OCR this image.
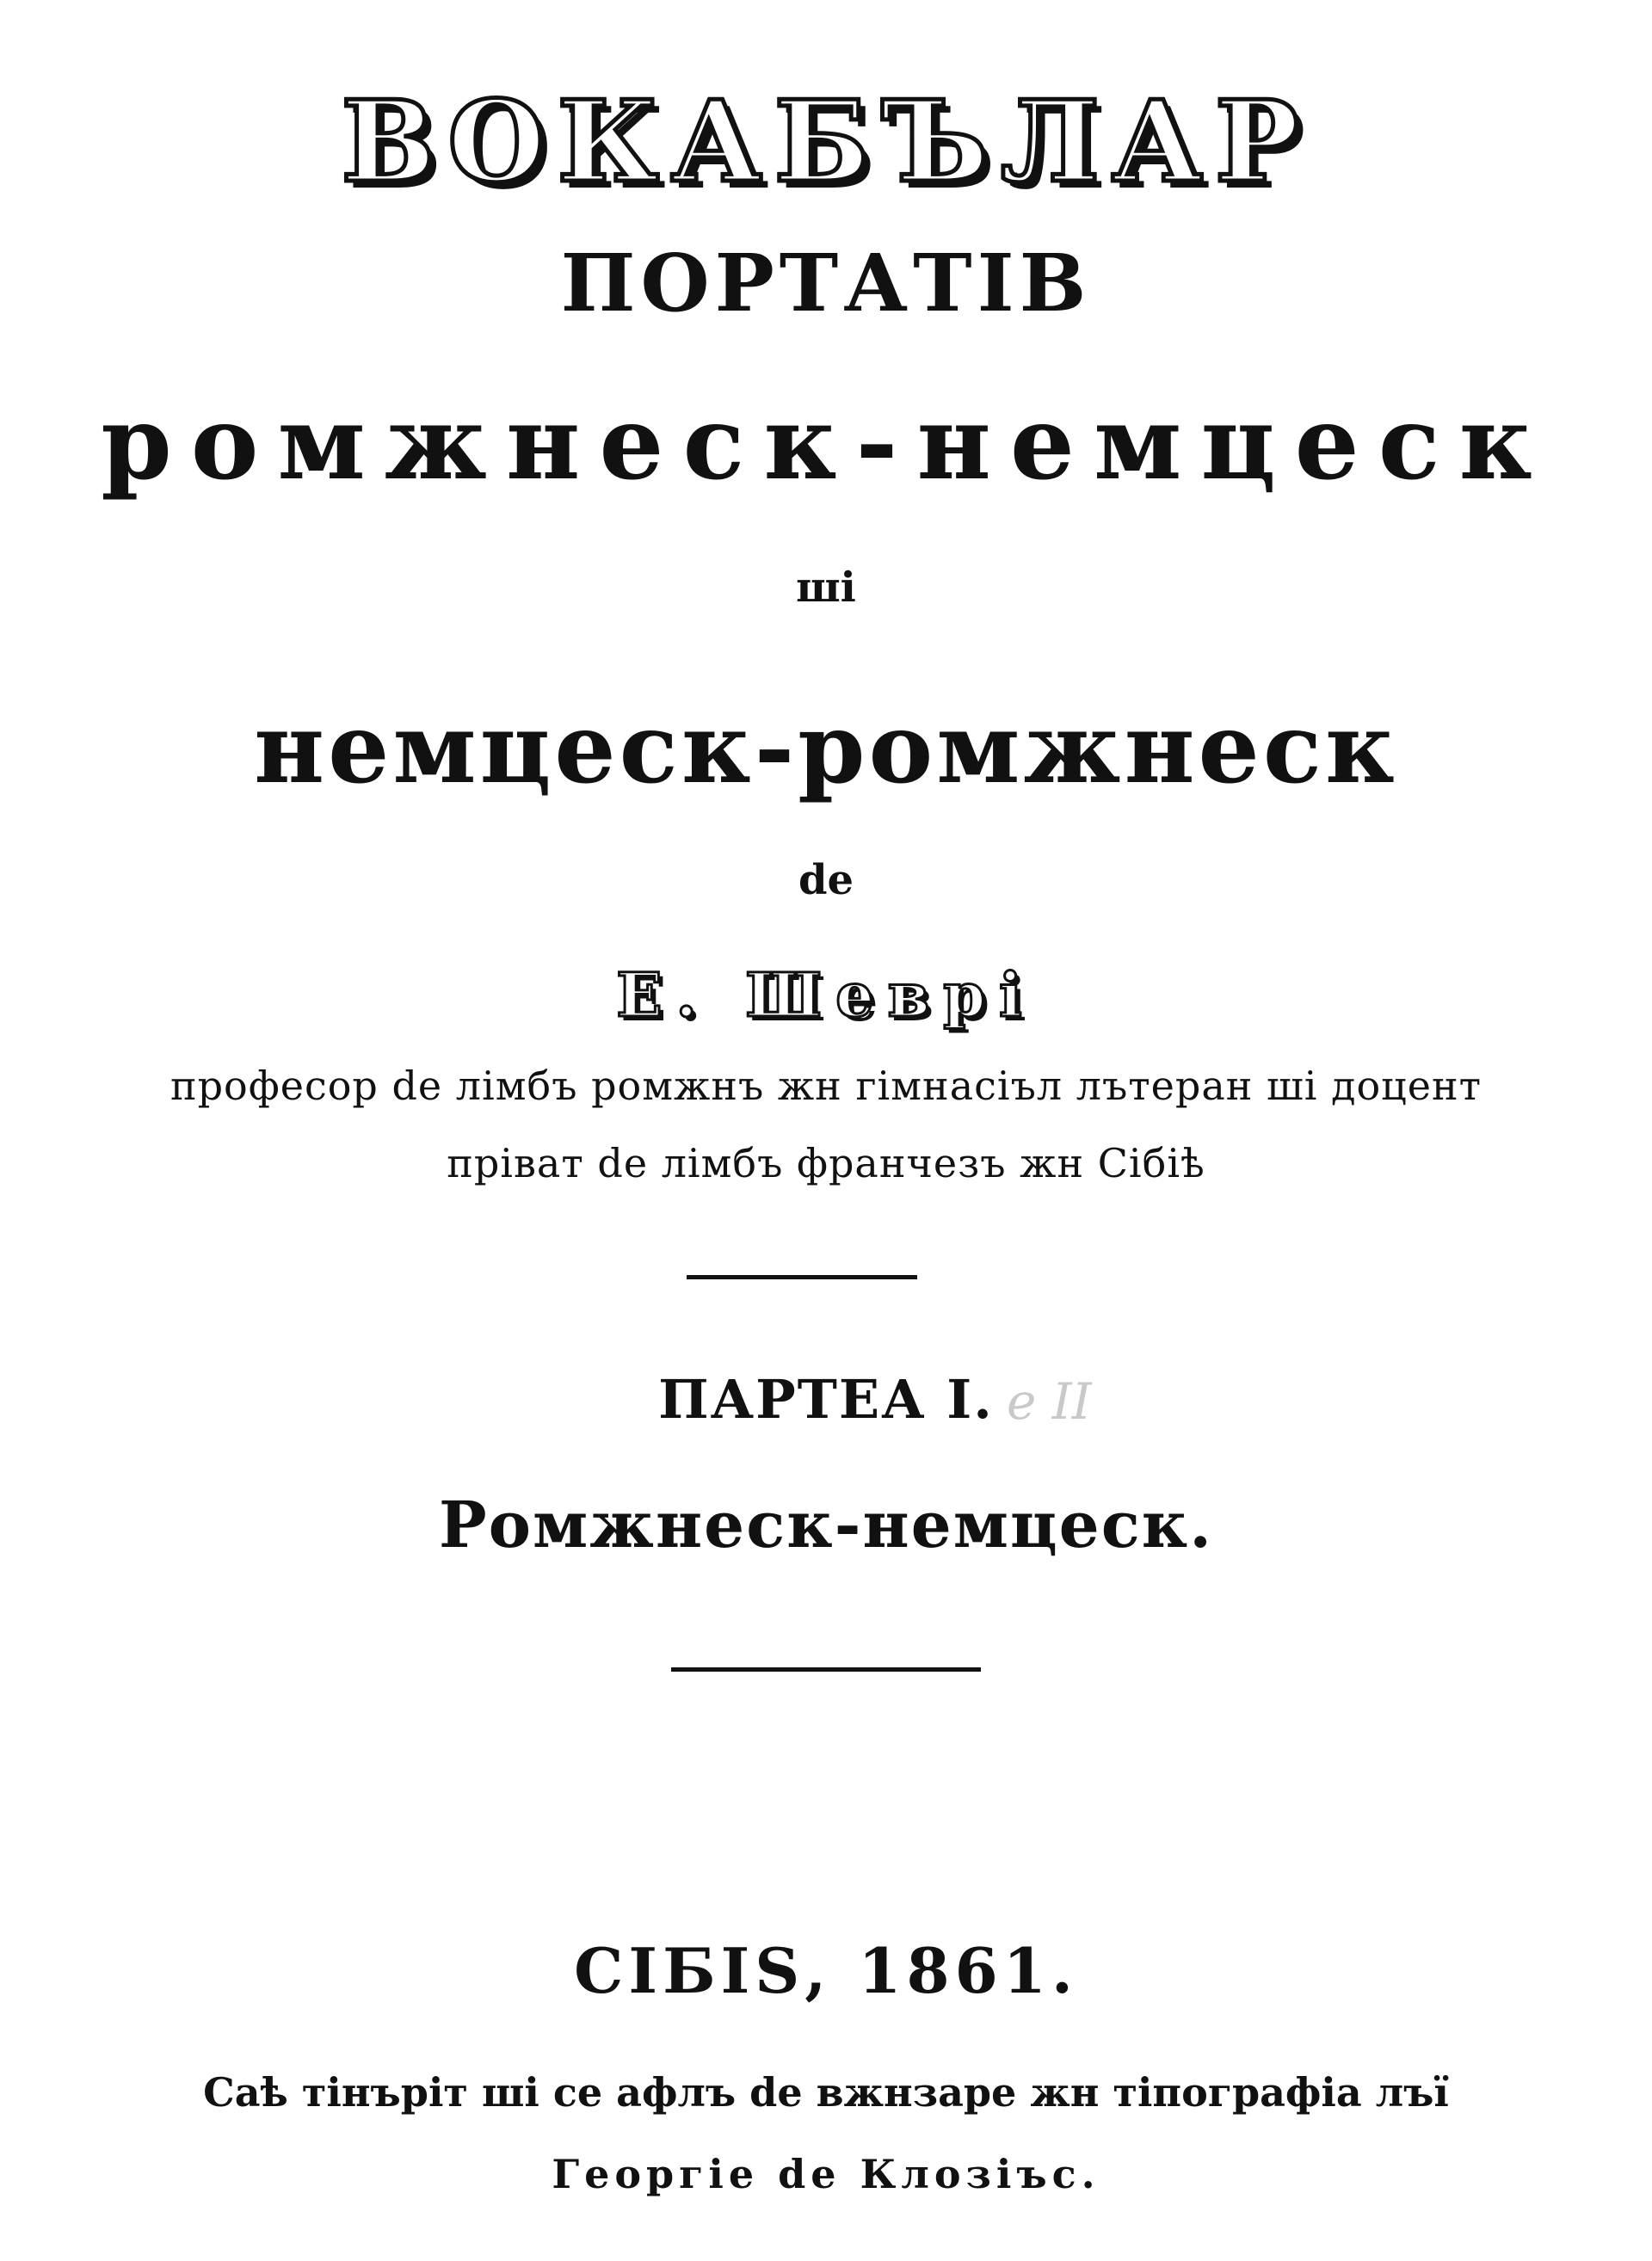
ВОКАБЪЛАР
ПОРТАТІВ
ромжнеск-немцеск
ші
немцеск-ромжнеск
de
Е. Шеврі
професор de лімбъ ромжнъ жн гімнасіъл лътеран ші доцент
пріват de лімбъ франчезъ жн Сібіѣ
ПАРТЕА I. е II
Ромжнеск-немцеск.
СІБІЅ, 1861.
Саѣ тінъріт ші се афлъ de вжнзаре жн тіпографіа лъї
Георгіе de Клозіъс.
